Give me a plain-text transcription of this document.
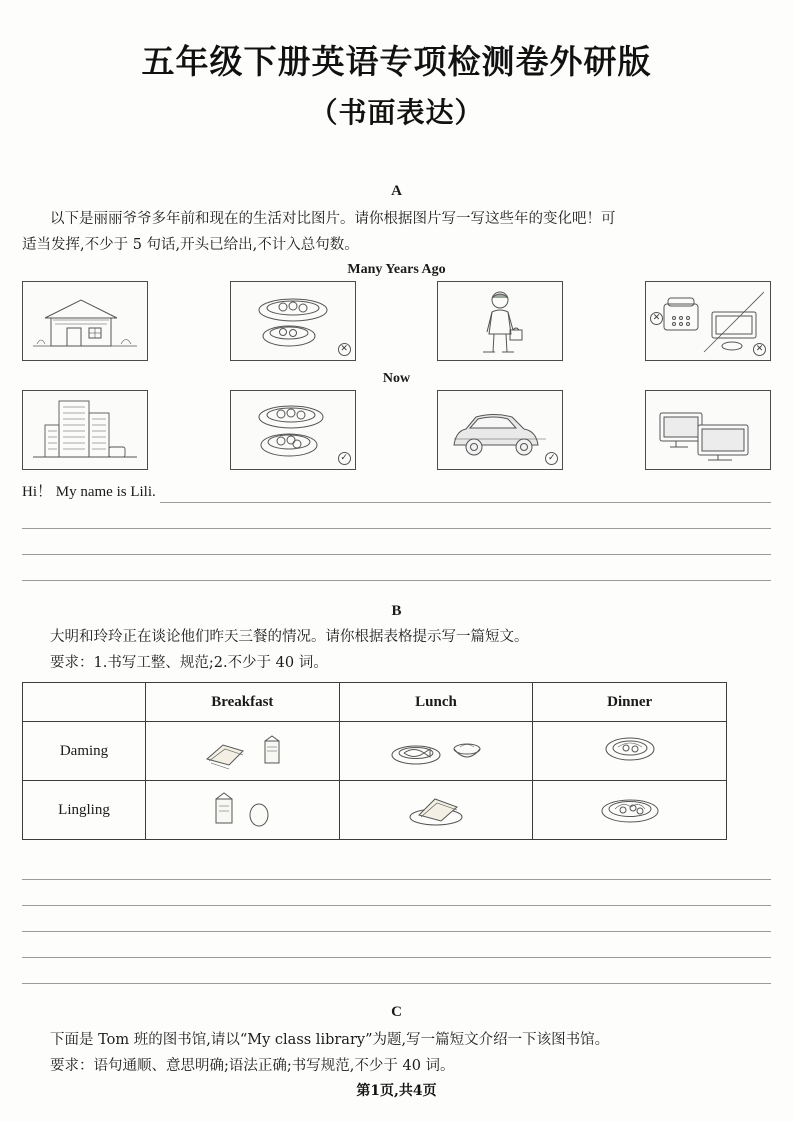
五年级下册英语专项检测卷外研版
（书面表达）
A

以下是丽丽爷爷多年前和现在的生活对比图片。请你根据图片写一写这些年的变化吧！可

适当发挥,不少于 5 句话,开头已给出,不计入总句数。

Many Years Ago
✕
✕
✕
Now
✓	✓
Hi！ My name is Lili.
B

大明和玲玲正在谈论他们昨天三餐的情况。请你根据表格提示写一篇短文。

要求：1.书写工整、规范;2.不少于 40 词。

	Breakfast	Lunch	Dinner
Daming	

Lingling	

C

下面是 Tom 班的图书馆,请以“My class library”为题,写一篇短文介绍一下该图书馆。

要求：语句通顺、意思明确;语法正确;书写规范,不少于 40 词。

第1页,共4页
